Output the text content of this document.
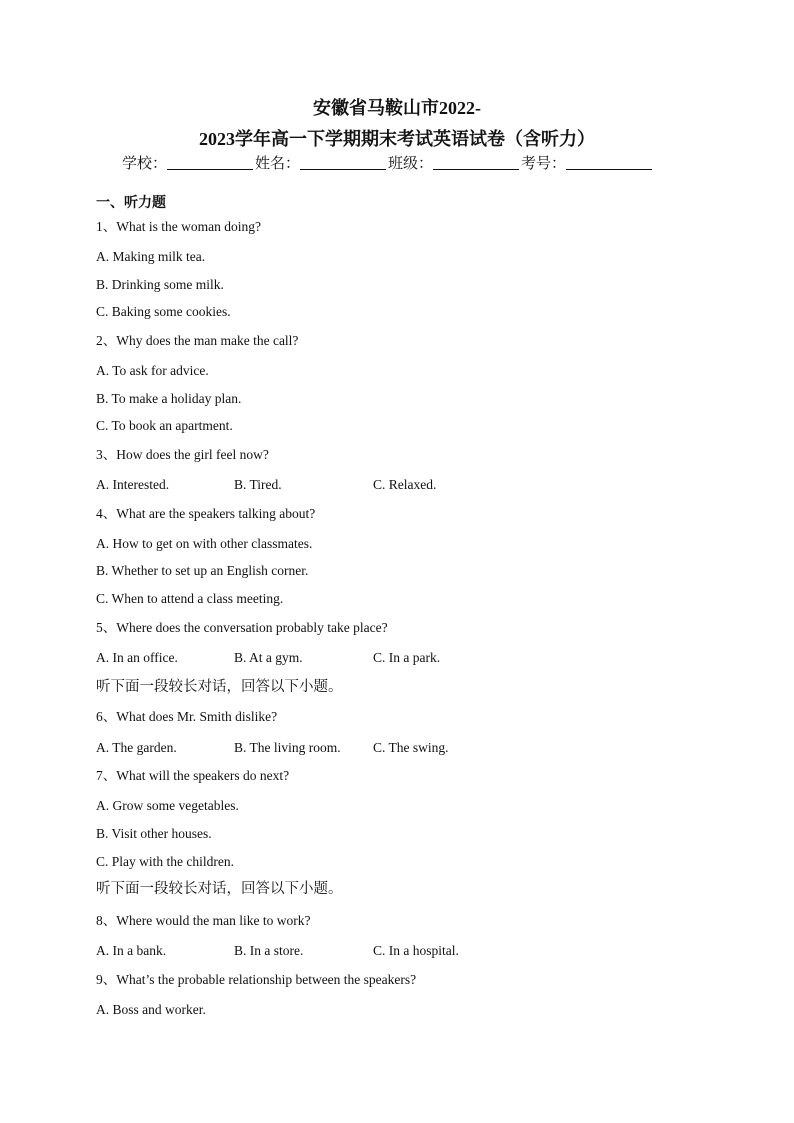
安徽省马鞍山市2022-
2023学年高一下学期期末考试英语试卷（含听力）
学校：	姓名：	班级：	考号：
一、听力题
1、What is the woman doing?
A. Making milk tea.
B. Drinking some milk.
C. Baking some cookies.
2、Why does the man make the call?
A. To ask for advice.
B. To make a holiday plan.
C. To book an apartment.
3、How does the girl feel now?
A. Interested.	B. Tired.	C. Relaxed.
4、What are the speakers talking about?
A. How to get on with other classmates.
B. Whether to set up an English corner.
C. When to attend a class meeting.
5、Where does the conversation probably take place?
A. In an office.	B. At a gym.	C. In a park.
听下面一段较长对话，回答以下小题。
6、What does Mr. Smith dislike?
A. The garden.	B. The living room. C. The swing.
7、What will the speakers do next?
A. Grow some vegetables.
B. Visit other houses.
C. Play with the children.
听下面一段较长对话，回答以下小题。
8、Where would the man like to work?
A. In a bank.	B. In a store.	C. In a hospital.
9、What’s the probable relationship between the speakers?
A. Boss and worker.
